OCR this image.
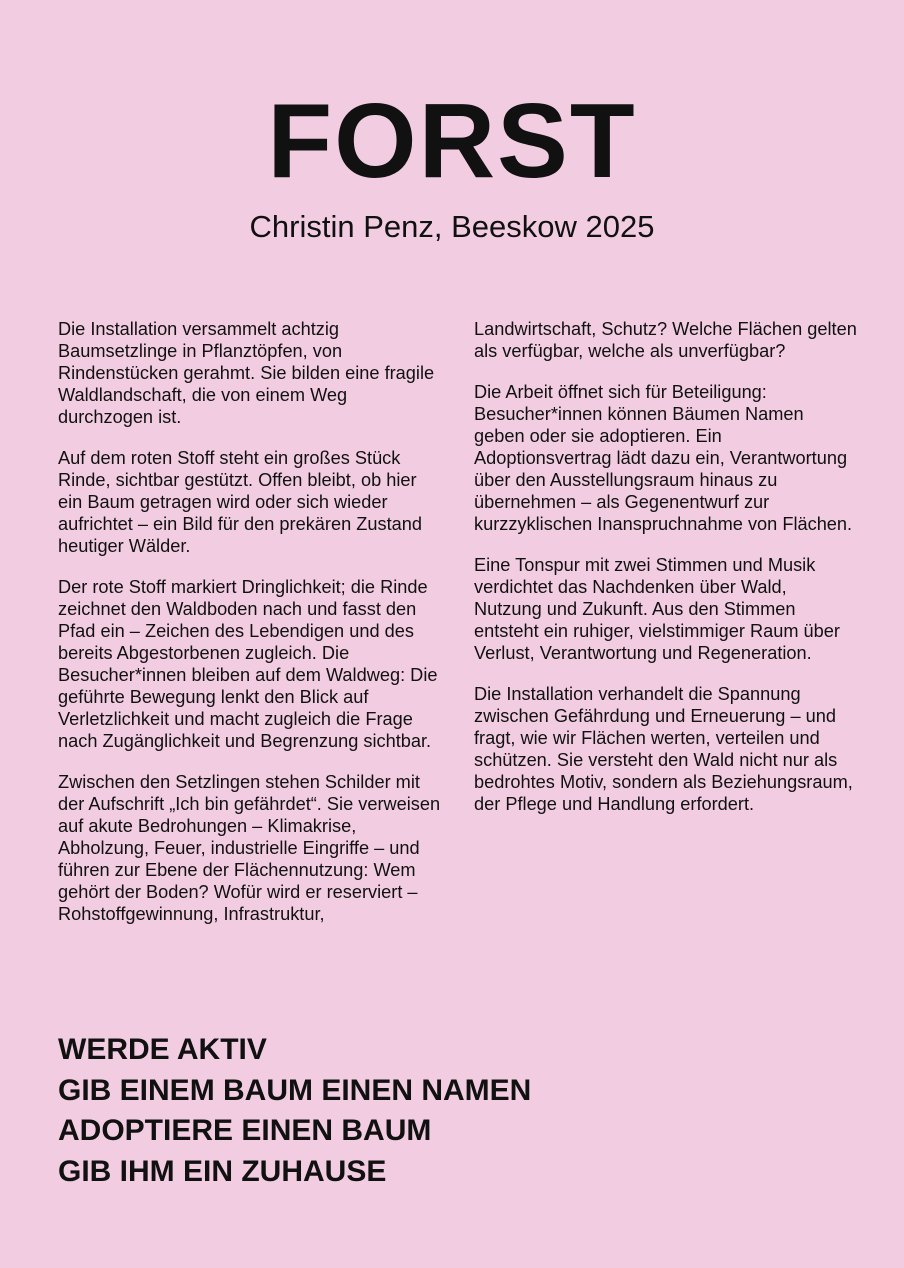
FORST
Christin Penz, Beeskow 2025

Die Installation versammelt achtzig Baumsetzlinge in Pflanztöpfen, von Rindenstücken gerahmt. Sie bilden eine fragile Waldlandschaft, die von einem Weg durchzogen ist.

Auf dem roten Stoff steht ein großes Stück Rinde, sichtbar gestützt. Offen bleibt, ob hier ein Baum getragen wird oder sich wieder aufrichtet – ein Bild für den prekären Zustand heutiger Wälder.

Der rote Stoff markiert Dringlichkeit; die Rinde zeichnet den Waldboden nach und fasst den Pfad ein – Zeichen des Lebendigen und des bereits Abgestorbenen zugleich. Die Besucher*innen bleiben auf dem Waldweg: Die geführte Bewegung lenkt den Blick auf Verletzlichkeit und macht zugleich die Frage nach Zugänglichkeit und Begrenzung sichtbar.

Zwischen den Setzlingen stehen Schilder mit der Aufschrift „Ich bin gefährdet“. Sie verweisen auf akute Bedrohungen – Klimakrise, Abholzung, Feuer, industrielle Eingriffe – und führen zur Ebene der Flächennutzung: Wem gehört der Boden? Wofür wird er reserviert – Rohstoffgewinnung, Infrastruktur, Landwirtschaft, Schutz? Welche Flächen gelten als verfügbar, welche als unverfügbar?

Die Arbeit öffnet sich für Beteiligung: Besucher*innen können Bäumen Namen geben oder sie adoptieren. Ein Adoptionsvertrag lädt dazu ein, Verantwortung über den Ausstellungsraum hinaus zu übernehmen – als Gegenentwurf zur kurzzyklischen Inanspruchnahme von Flächen.

Eine Tonspur mit zwei Stimmen und Musik verdichtet das Nachdenken über Wald, Nutzung und Zukunft. Aus den Stimmen entsteht ein ruhiger, vielstimmiger Raum über Verlust, Verantwortung und Regeneration.

Die Installation verhandelt die Spannung zwischen Gefährdung und Erneuerung – und fragt, wie wir Flächen werten, verteilen und schützen. Sie versteht den Wald nicht nur als bedrohtes Motiv, sondern als Beziehungsraum, der Pflege und Handlung erfordert.

WERDE AKTIV
GIB EINEM BAUM EINEN NAMEN
ADOPTIERE EINEN BAUM
GIB IHM EIN ZUHAUSE
